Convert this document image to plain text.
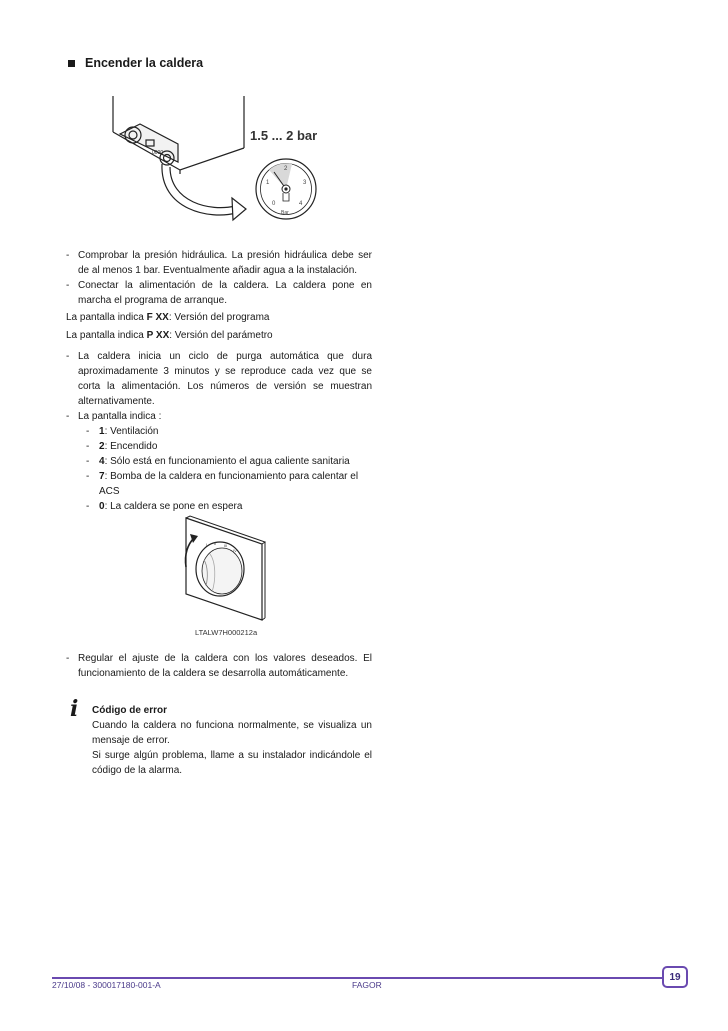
Encender la caldera
0000
1.5 ... 2 bar
0
1
2
3
4
Bar
- Comprobar la presión hidráulica. La presión hidráulica debe ser de al menos 1 bar. Eventualmente añadir agua a la instalación.
- Conectar la alimentación de la caldera. La caldera pone en marcha el programa de arranque.
La pantalla indica F XX: Versión del programa
La pantalla indica P XX: Versión del parámetro
- La caldera inicia un ciclo de purga automática que dura aproximadamente 3 minutos y se reproduce cada vez que se corta la alimentación. Los números de versión se muestran alternativamente.
- La pantalla indica :
- 1: Ventilación
- 2: Encendido
- 4: Sólo está en funcionamiento el agua caliente sanitaria
- 7: Bomba de la caldera en funcionamiento para calentar el ACS
- 0: La caldera se pone en espera
I II III
IV
LTALW7H000212a
- Regular el ajuste de la caldera con los valores deseados. El funcionamiento de la caldera se desarrolla automáticamente.
i Código de error
Cuando la caldera no funciona normalmente, se visualiza un mensaje de error.
Si surge algún problema, llame a su instalador indicándole el código de la alarma.
27/10/08 - 300017180-001-A	FAGOR
19
